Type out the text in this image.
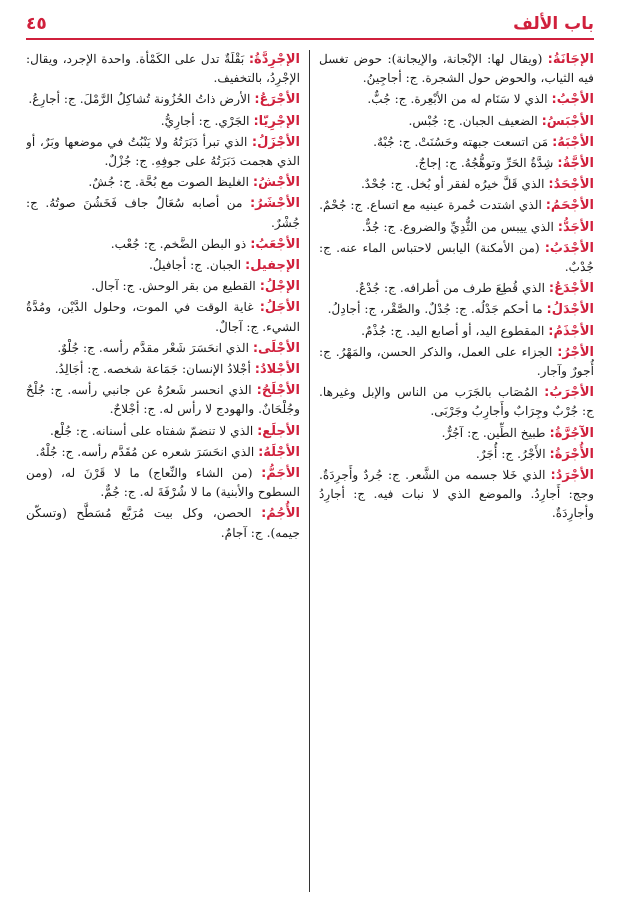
باب الألف
٤٥

الإجَانَةُ: (ويقال لها: الإنْجانة، والإيجانة): حوض تغسل فيه الثياب، والحوض حول الشجرة. ج: أجاجِينُ.

الأجْبُ: الذي لا سَنَام له من الأبْعِرة. ج: جُبٌّ.

الأجْبَسُ: الضعيف الجبان. ج: جُبْس.

الأجْبَهُ: مَن اتسعت جبهته وحَسُنَتْ. ج: جُبْهٌ.

الأجَّةُ: شِدَّةُ الحَرِّ وتوهُّجُهُ. ج: إجاجٌ.

الأجْحَدُ: الذي قَلَّ خيرُه لفقر أو بُخل. ج: جُحْدٌ.

الأجْحَمُ: الذي اشتدت حُمرة عينيه مع اتساع. ج: جُحْمٌ.

الأجَدُّ: الذي ييبس من الثُّدِيِّ والضروع. ج: جُدٌّ.

الأجْدَبُ: (من الأمكنة) اليابس لاحتباس الماء عنه. ج: جُدْبٌ.

الأجْدَعُ: الذي قُطِعَ طرف من أطرافه. ج: جُدْعٌ.

الأجْدَلُ: ما أحكم جَدْلُه. ج: جُدْلٌ. والصَّقْر، ج: أجادِلُ.

الأجْذَمُ: المقطوع اليد، أو أصابع اليد. ج: جُذْمٌ.

الأجْرُ: الجزاء على العمل، والذكر الحسن، والمَهْرُ. ج: أُجورٌ وآجار.

الأجْرَبُ: المُصَاب بالجَرَب من الناس والإبل وغيرها. ج: جُرْبٌ وجِرَابٌ وأَجارِبُ وجَرْبَى.

الآجُرَّةُ: طبيخ الطِّين. ج: آجُرٌّ.

الأُجْرَةُ: الأَجْرُ. ج: أُجَرٌ.

الأجْرَدُ: الذي خَلا جسمه من الشَّعر. ج: جُردٌ وأَجرِدَةٌ. وجج: أَجارِدُ. والموضع الذي لا نبات فيه. ج: أجارِدُ وأجارِدَةٌ.

الإجْرِدَّةُ: بَقْلَةٌ تدل على الكَمْأة. واحدة الإجرد، ويقال: الإجْرِدُ، بالتخفيف.

الأجْرَعُ: الأرض ذاتُ الحُزُونة تُشاكِلُ الرَّمْلَ. ج: أجارِعُ.

الإجْرِيّا: الجَرْي. ج: أجارِيُّ.

الأجْزَلُ: الذي تبرأ دَبَرَتُهُ ولا يَنْبُتُ في موضعها وبَرٌ، أو الذي هجمت دَبَرَتُهُ على جوفِهِ. ج: جُزْلٌ.

الأجْشُ: الغليظ الصوت مع بُحَّة. ج: جُشٌ.

الأجْشَرُ: من أصابه سُعَالٌ جاف فَخَشُنَ صوتُهُ. ج: جُشْرٌ.

الأجْعَبُ: ذو البطن الضَّخم. ج: جُعْب.

الإجفيل: الجبان. ج: أجافيلُ.

الإجْلُ: القطيع من بقر الوحش. ج: آجال.

الأجَلُ: غاية الوقت في الموت، وحلول الدَّيْن، ومُدَّةُ الشيء. ج: آجالٌ.

الأجْلَى: الذي انحَسَرَ شَعْر مقدَّم رأسه. ج: جُلْوٌ.

الأجْلادُ: أجْلادُ الإنسان: جَمَاعة شخصه. ج: أجَالِدُ.

الأجْلَحُ: الذي انحسر شَعرُهُ عن جانبي رأسه. ج: جُلْحٌ وجُلْحَانٌ. والهودج لا رأس له. ج: أجْلاحٌ.

الأجلَع: الذي لا تنضمّ شفتاه على أسنانه. ج: جُلْع.

الأجْلَهُ: الذي انحَسَرَ شعره عن مُقَدَّم رأسه. ج: جُلْهٌ.

الأجَمُّ: (من الشاء والنِّعاج) ما لا قَرْنَ له، (ومن السطوح والأبنية) ما لا شُرْفَةَ له. ج: جُمٌّ.

الأُجُمُ: الحصن، وكل بيت مُرَبَّع مُسَطَّح (وتسكّن جيمه). ج: آجامٌ.
